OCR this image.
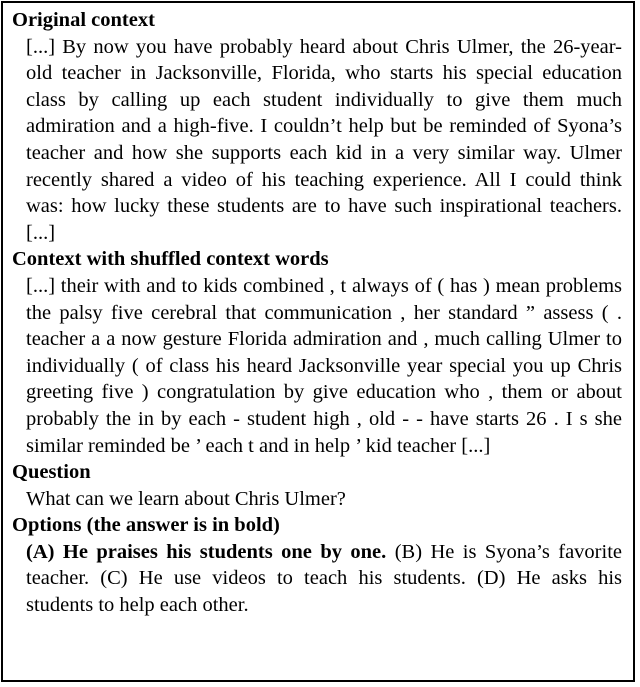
Original context

[...] By now you have probably heard about Chris Ulmer, the 26-year-old teacher in Jacksonville, Florida, who starts his special education class by calling up each student individually to give them much admiration and a high-five. I couldn’t help but be reminded of Syona’s teacher and how she supports each kid in a very similar way. Ulmer recently shared a video of his teaching experience. All I could think was: how lucky these students are to have such inspirational teachers. [...]

Context with shuffled context words

[...] their with and to kids combined , t always of ( has ) mean problems the palsy five cerebral that communication , her standard ” assess ( . teacher a a now gesture Florida admiration and , much calling Ulmer to individually ( of class his heard Jacksonville year special you up Chris greeting five ) congratulation by give education who , them or about probably the in by each - student high , old - - have starts 26 . I s she similar reminded be ’ each t and in help ’ kid teacher [...]

Question

What can we learn about Chris Ulmer?

Options (the answer is in bold)

(A) He praises his students one by one. (B) He is Syona’s favorite teacher. (C) He use videos to teach his students. (D) He asks his students to help each other.
